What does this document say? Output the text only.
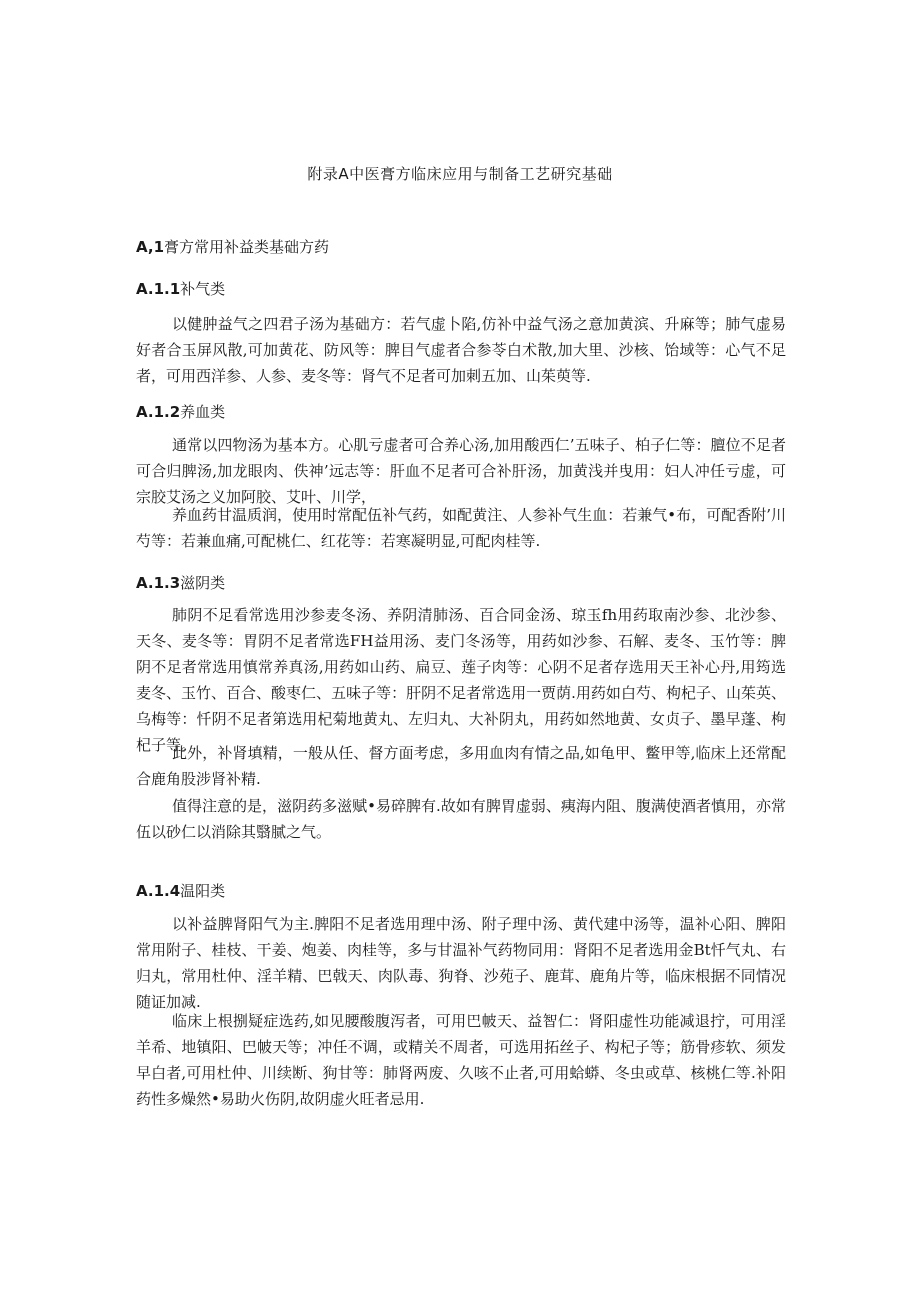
附录A中医膏方临床应用与制备工艺研究基础
A,1膏方常用补益类基础方药
A.1.1补气类
以健肿益气之四君子汤为基础方：若气虚卜陷,仿补中益气汤之意加黄滨、升麻等；肺气虚易好者合玉屏风散,可加黄花、防风等：脾目气虚者合参苓白术散,加大里、沙核、饴域等：心气不足者，可用西洋参、人参、麦冬等：肾气不足者可加刺五加、山茱萸等.
A.1.2养血类
通常以四物汤为基本方。心肌亏虚者可合养心汤,加用酸西仁’五味子、柏子仁等：膻位不足者可合归脾汤,加龙眼肉、佚神’远志等：肝血不足者可合补肝汤，加黄浅并曳用：妇人冲任亏虚，可宗胶艾汤之义加阿胶、艾叶、川学，
养血药甘温质润，使用时常配伍补气药，如配黄注、人参补气生血：若兼气•布，可配香附’川芍等：若兼血痛,可配桃仁、红花等：若寒凝明显,可配肉桂等.
A.1.3滋阴类
肺阴不足看常选用沙参麦冬汤、养阴清肺汤、百合同金汤、琼玉fh用药取南沙参、北沙参、天冬、麦冬等：胃阴不足者常选FH益用汤、麦门冬汤等，用药如沙参、石解、麦冬、玉竹等：脾阴不足者常选用慎常养真汤,用药如山药、扁豆、莲子肉等：心阴不足者存选用天王补心丹,用筠选麦冬、玉竹、百合、酸枣仁、五味子等：肝阴不足者常选用一贾荫.用药如白芍、枸杞子、山茱英、乌梅等：忏阴不足者第选用杞菊地黄丸、左归丸、大补阴丸，用药如然地黄、女贞子、墨早蓬、枸杞子等。
此外，补肾填精，一般从任、督方面考虑，多用血肉有情之品,如龟甲、鳖甲等,临床上还常配合鹿角股涉肾补精.
值得注意的是，滋阴药多滋赋•易碎脾有.故如有脾胃虚弱、痍海内阻、腹满使酒者慎用，亦常伍以砂仁以消除其翳腻之气。
A.1.4温阳类
以补益脾肾阳气为主.脾阳不足者选用理中汤、附子理中汤、黄代建中汤等，温补心阳、脾阳常用附子、桂枝、干姜、炮姜、肉桂等，多与甘温补气药物同用：肾阳不足者选用金Bt忏气丸、右归丸，常用杜仲、淫羊精、巴戟天、肉队毒、狗脊、沙苑子、鹿茸、鹿角片等，临床根据不同情况随证加减.
临床上根捌疑症选药,如见腰酸腹泻者，可用巴帔天、益智仁：肾阳虚性功能减退拧，可用淫羊希、地镇阳、巴帔天等；冲任不调，或精关不周者，可选用拓丝子、构杞子等；筋骨疹软、须发早白者,可用杜仲、川续断、狗甘等：肺肾两废、久咳不止者,可用蛤蟒、冬虫或草、核桃仁等.补阳药性多燥然•易助火伤阴,故阴虚火旺者忌用.
